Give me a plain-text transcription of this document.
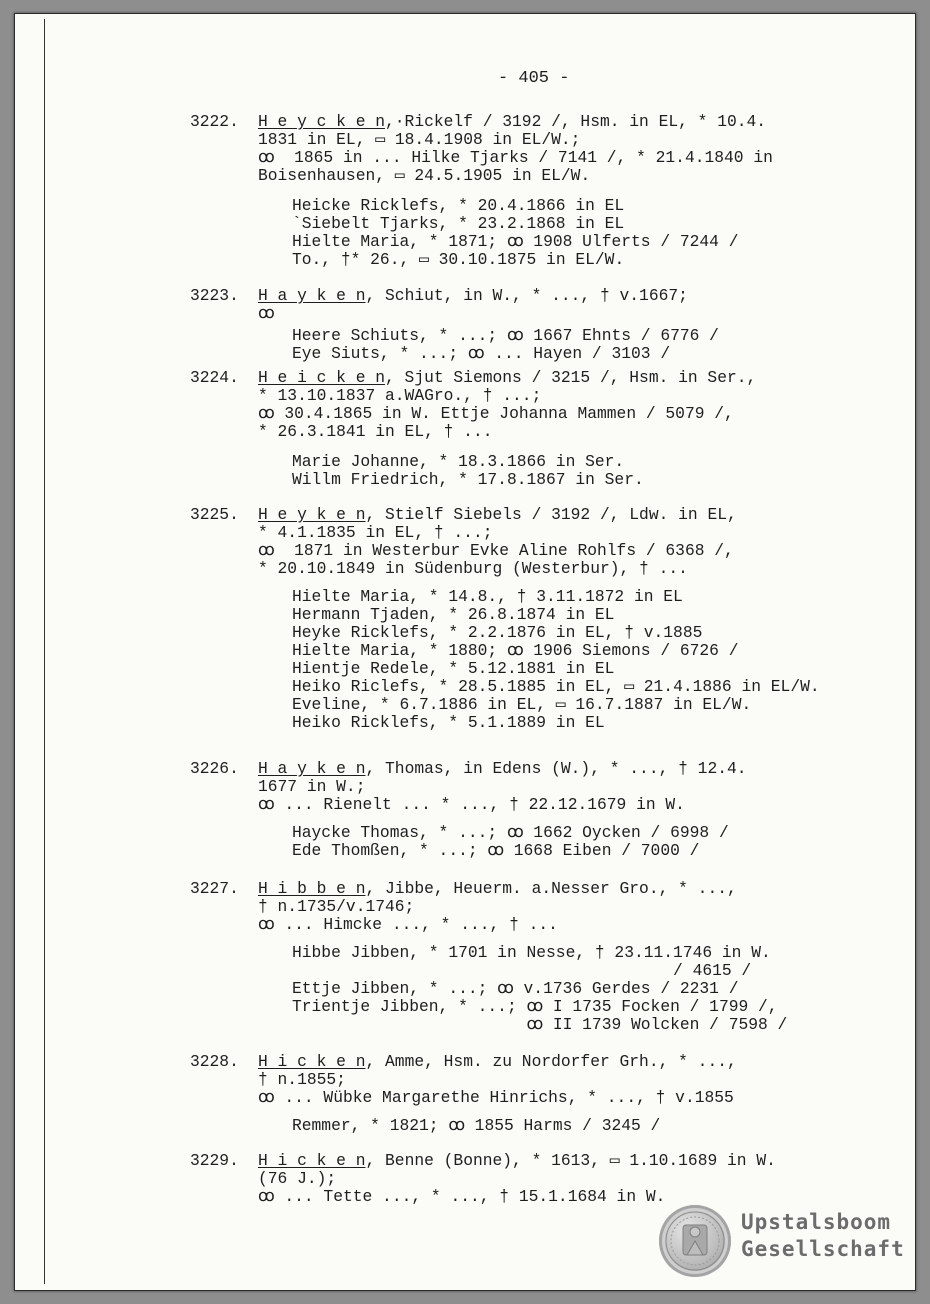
- 405 -
3222. H e y c k e n,·Rickelf / 3192 /, Hsm. in EL, * 10.4.
1831 in EL, ▭ 18.4.1908 in EL/W.;
ꝏ  1865 in ... Hilke Tjarks / 7141 /, * 21.4.1840 in
Boisenhausen, ▭ 24.5.1905 in EL/W.
Heicke Ricklefs, * 20.4.1866 in EL
`Siebelt Tjarks, * 23.2.1868 in EL
Hielte Maria, * 1871; ꝏ 1908 Ulferts / 7244 /
To., †* 26., ▭ 30.10.1875 in EL/W.
3223. H a y k e n, Schiut, in W., * ..., † v.1667;
ꝏ
Heere Schiuts, * ...; ꝏ 1667 Ehnts / 6776 /
Eye Siuts, * ...; ꝏ ... Hayen / 3103 /
3224. H e i c k e n, Sjut Siemons / 3215 /, Hsm. in Ser.,
* 13.10.1837 a.WAGro., † ...;
ꝏ 30.4.1865 in W. Ettje Johanna Mammen / 5079 /,
* 26.3.1841 in EL, † ...
Marie Johanne, * 18.3.1866 in Ser.
Willm Friedrich, * 17.8.1867 in Ser.
3225. H e y k e n, Stielf Siebels / 3192 /, Ldw. in EL,
* 4.1.1835 in EL, † ...;
ꝏ  1871 in Westerbur Evke Aline Rohlfs / 6368 /,
* 20.10.1849 in Südenburg (Westerbur), † ...
Hielte Maria, * 14.8., † 3.11.1872 in EL
Hermann Tjaden, * 26.8.1874 in EL
Heyke Ricklefs, * 2.2.1876 in EL, † v.1885
Hielte Maria, * 1880; ꝏ 1906 Siemons / 6726 /
Hientje Redele, * 5.12.1881 in EL
Heiko Riclefs, * 28.5.1885 in EL, ▭ 21.4.1886 in EL/W.
Eveline, * 6.7.1886 in EL, ▭ 16.7.1887 in EL/W.
Heiko Ricklefs, * 5.1.1889 in EL
3226. H a y k e n, Thomas, in Edens (W.), * ..., † 12.4.
1677 in W.;
ꝏ ... Rienelt ... * ..., † 22.12.1679 in W.
Haycke Thomas, * ...; ꝏ 1662 Oycken / 6998 /
Ede Thomßen, * ...; ꝏ 1668 Eiben / 7000 /
3227. H i b b e n, Jibbe, Heuerm. a.Nesser Gro., * ...,
† n.1735/v.1746;
ꝏ ... Himcke ..., * ..., † ...
Hibbe Jibben, * 1701 in Nesse, † 23.11.1746 in W.
/ 4615 /
Ettje Jibben, * ...; ꝏ v.1736 Gerdes / 2231 /
Trientje Jibben, * ...; ꝏ I 1735 Focken / 1799 /,
ꝏ II 1739 Wolcken / 7598 /
3228. H i c k e n, Amme, Hsm. zu Nordorfer Grh., * ...,
† n.1855;
ꝏ ... Wübke Margarethe Hinrichs, * ..., † v.1855
Remmer, * 1821; ꝏ 1855 Harms / 3245 /
3229. H i c k e n, Benne (Bonne), * 1613, ▭ 1.10.1689 in W.
(76 J.);
ꝏ ... Tette ..., * ..., † 15.1.1684 in W.
Upstalsboom
Gesellschaft
